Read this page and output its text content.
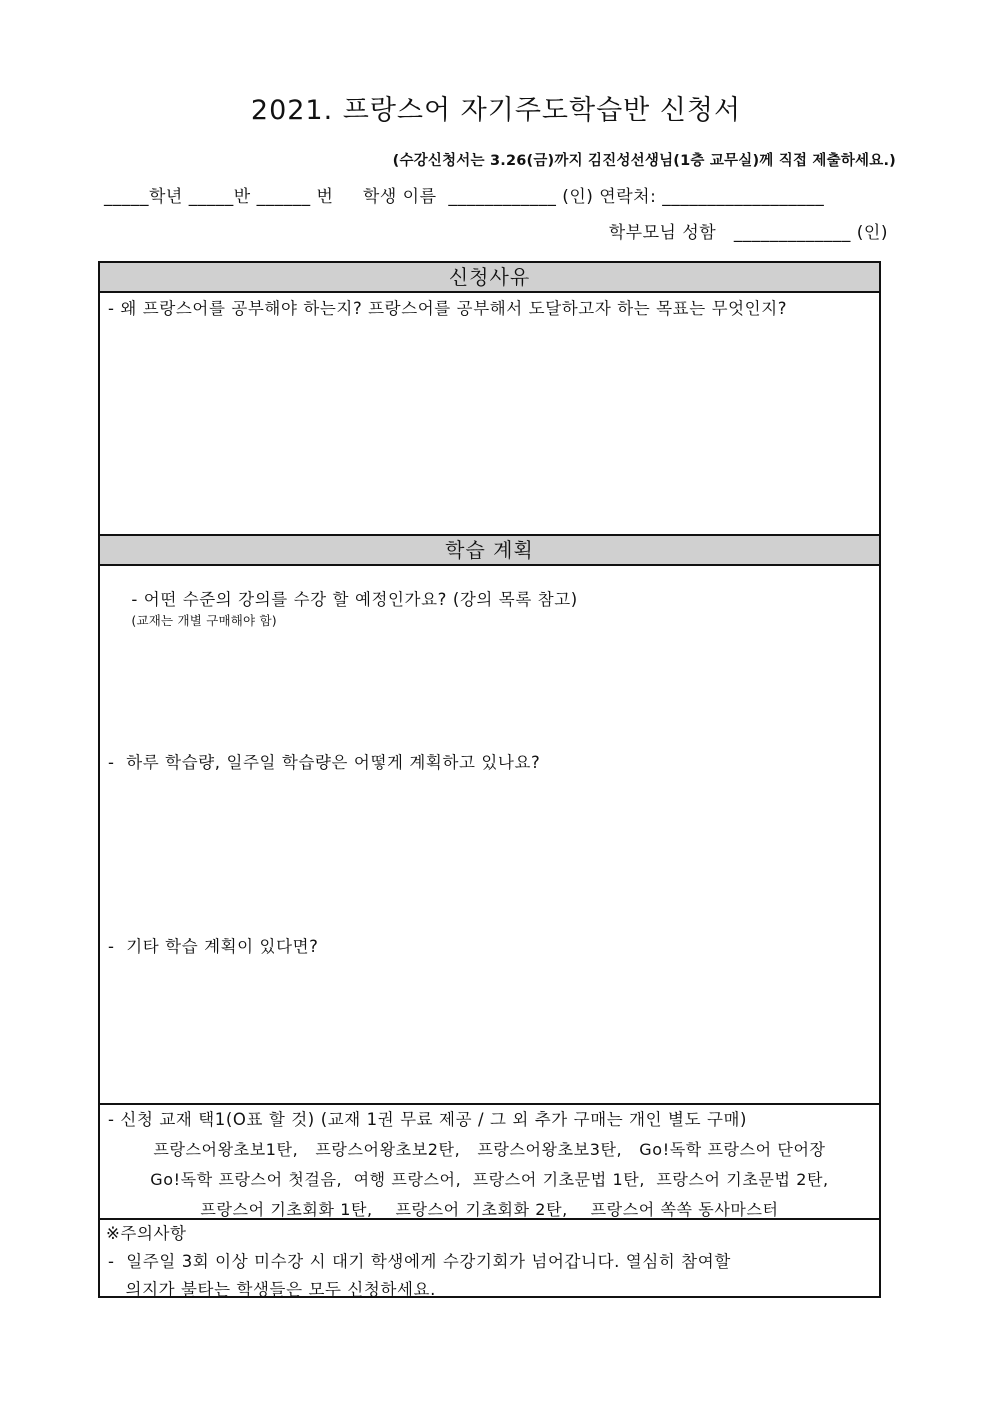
2021. 프랑스어 자기주도학습반 신청서
(수강신청서는 3.26(금)까지 김진성선생님(1층 교무실)께 직접 제출하세요.)
_____학년 _____반 ______ 번     학생 이름  ____________ (인) 연락처: __________________
학부모님 성함   _____________ (인)
신청사유
- 왜 프랑스어를 공부해야 하는지? 프랑스어를 공부해서 도달하고자 하는 목표는 무엇인지?
학습 계획

- 어떤 수준의 강의를 수강 할 예정인가요? (강의 목록 참고)
(교재는 개별 구매해야 함)

-  하루 학습량, 일주일 학습량은 어떻게 계획하고 있나요?
-  기타 학습 계획이 있다면?
- 신청 교재 택1(O표 할 것) (교재 1권 무료 제공 / 그 외 추가 구매는 개인 별도 구매)
프랑스어왕초보1탄,   프랑스어왕초보2탄,   프랑스어왕초보3탄,   Go!독학 프랑스어 단어장
Go!독학 프랑스어 첫걸음,  여행 프랑스어,  프랑스어 기초문법 1탄,  프랑스어 기초문법 2탄,
프랑스어 기초회화 1탄,    프랑스어 기초회화 2탄,    프랑스어 쏙쏙 동사마스터
※주의사항
-  일주일 3회 이상 미수강 시 대기 학생에게 수강기회가 넘어갑니다. 열심히 참여할
의지가 불타는 학생들은 모두 신청하세요.
